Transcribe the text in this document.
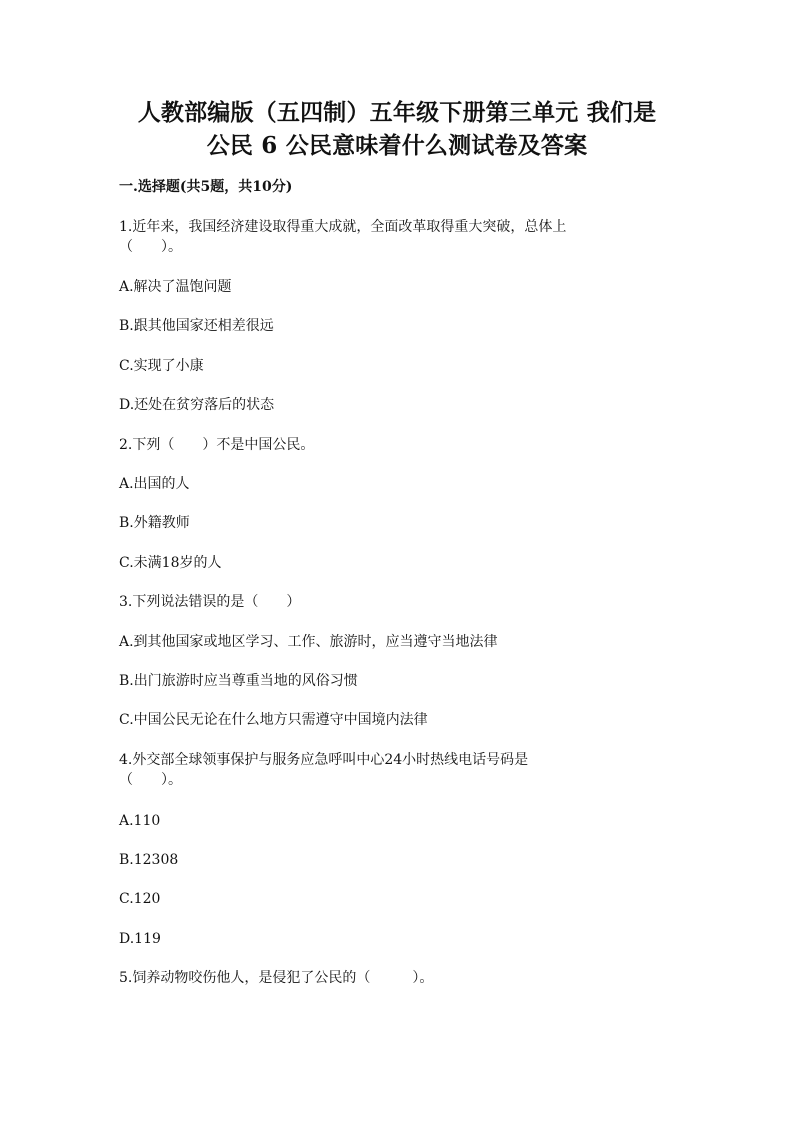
人教部编版（五四制）五年级下册第三单元 我们是
公民 6 公民意味着什么测试卷及答案
一.选择题(共5题，共10分)
1.近年来，我国经济建设取得重大成就，全面改革取得重大突破，总体上
（　　）。
A.解决了温饱问题
B.跟其他国家还相差很远
C.实现了小康
D.还处在贫穷落后的状态
2.下列（　　）不是中国公民。
A.出国的人
B.外籍教师
C.未满18岁的人
3.下列说法错误的是（　　）
A.到其他国家或地区学习、工作、旅游时，应当遵守当地法律
B.出门旅游时应当尊重当地的风俗习惯
C.中国公民无论在什么地方只需遵守中国境内法律
4.外交部全球领事保护与服务应急呼叫中心24小时热线电话号码是
（　　）。
A.110
B.12308
C.120
D.119
5.饲养动物咬伤他人，是侵犯了公民的（　　　）。
